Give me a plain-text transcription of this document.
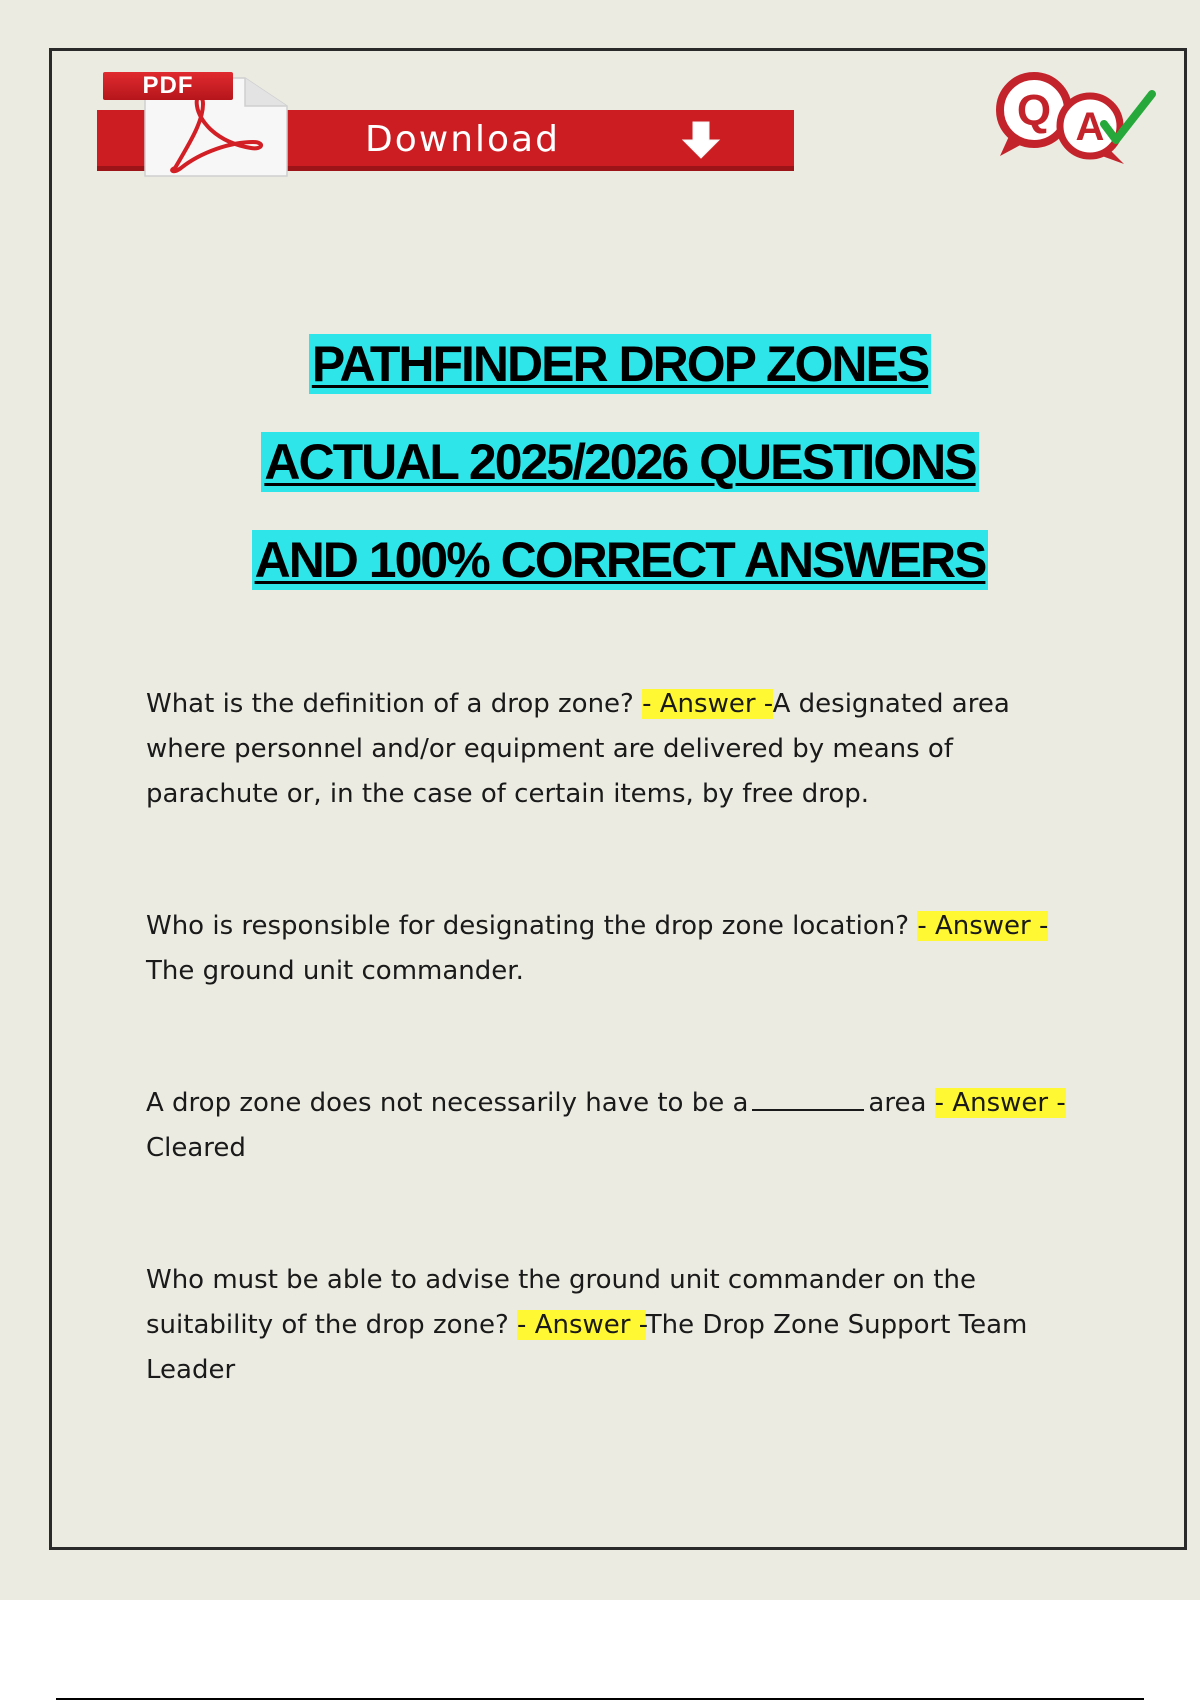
Download
PDF
Q A
PATHFINDER DROP ZONES
ACTUAL 2025/2026 QUESTIONS
AND 100% CORRECT ANSWERS
What is the definition of a drop zone? - Answer -A designated area where personnel and/or equipment are delivered by means of parachute or, in the case of certain items, by free drop.
Who is responsible for designating the drop zone location? - Answer -
The ground unit commander.
A drop zone does not necessarily have to be a	area - Answer -
Cleared
Who must be able to advise the ground unit commander on the suitability of the drop zone? - Answer -The Drop Zone Support Team Leader
